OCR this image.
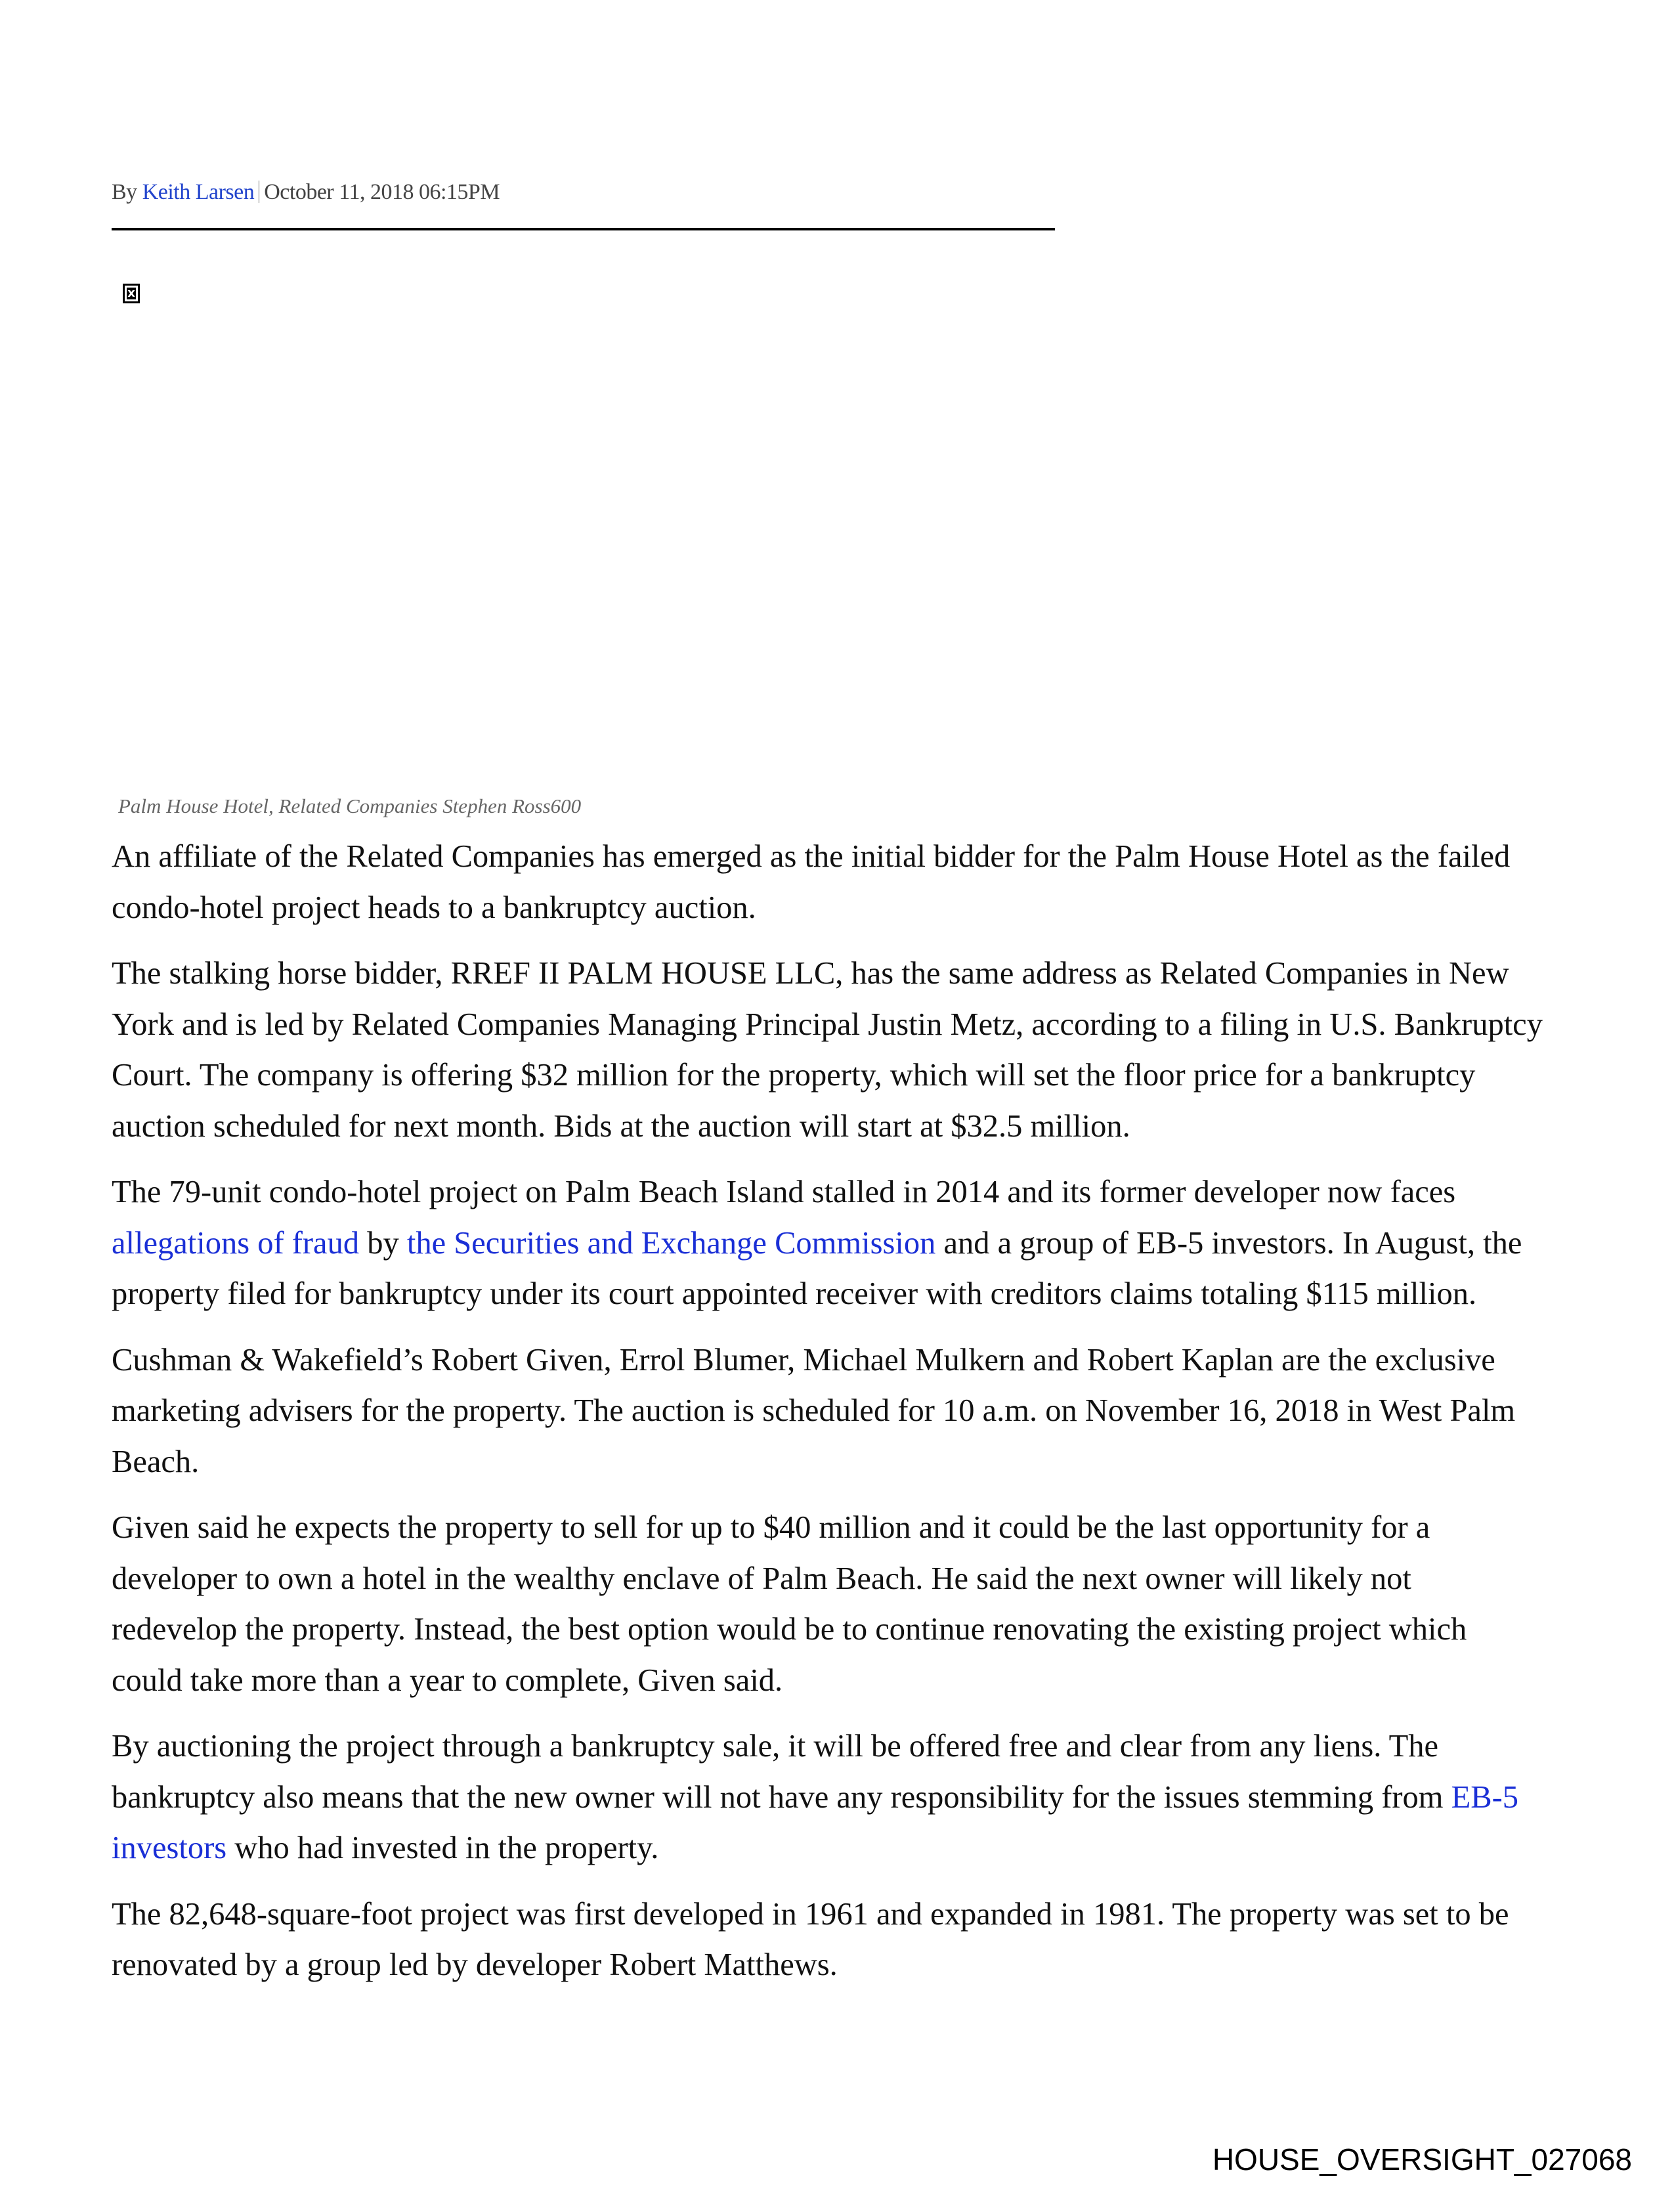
By Keith Larsen October 11, 2018 06:15PM
x
Palm House Hotel, Related Companies Stephen Ross600

An affiliate of the Related Companies has emerged as the initial bidder for the Palm House Hotel as the failed condo-hotel project heads to a bankruptcy auction.

The stalking horse bidder, RREF II PALM HOUSE LLC, has the same address as Related Companies in New York and is led by Related Companies Managing Principal Justin Metz, according to a filing in U.S. Bankruptcy Court. The company is offering $32 million for the property, which will set the floor price for a bankruptcy auction scheduled for next month. Bids at the auction will start at $32.5 million.

The 79-unit condo-hotel project on Palm Beach Island stalled in 2014 and its former developer now faces allegations of fraud by the Securities and Exchange Commission and a group of EB-5 investors. In August, the property filed for bankruptcy under its court appointed receiver with creditors claims totaling $115 million.

Cushman & Wakefield’s Robert Given, Errol Blumer, Michael Mulkern and Robert Kaplan are the exclusive marketing advisers for the property. The auction is scheduled for 10 a.m. on November 16, 2018 in West Palm Beach.

Given said he expects the property to sell for up to $40 million and it could be the last opportunity for a developer to own a hotel in the wealthy enclave of Palm Beach. He said the next owner will likely not redevelop the property. Instead, the best option would be to continue renovating the existing project which could take more than a year to complete, Given said.

By auctioning the project through a bankruptcy sale, it will be offered free and clear from any liens. The bankruptcy also means that the new owner will not have any responsibility for the issues stemming from EB-5 investors who had invested in the property.

The 82,648-square-foot project was first developed in 1961 and expanded in 1981. The property was set to be renovated by a group led by developer Robert Matthews.

HOUSE_OVERSIGHT_027068
